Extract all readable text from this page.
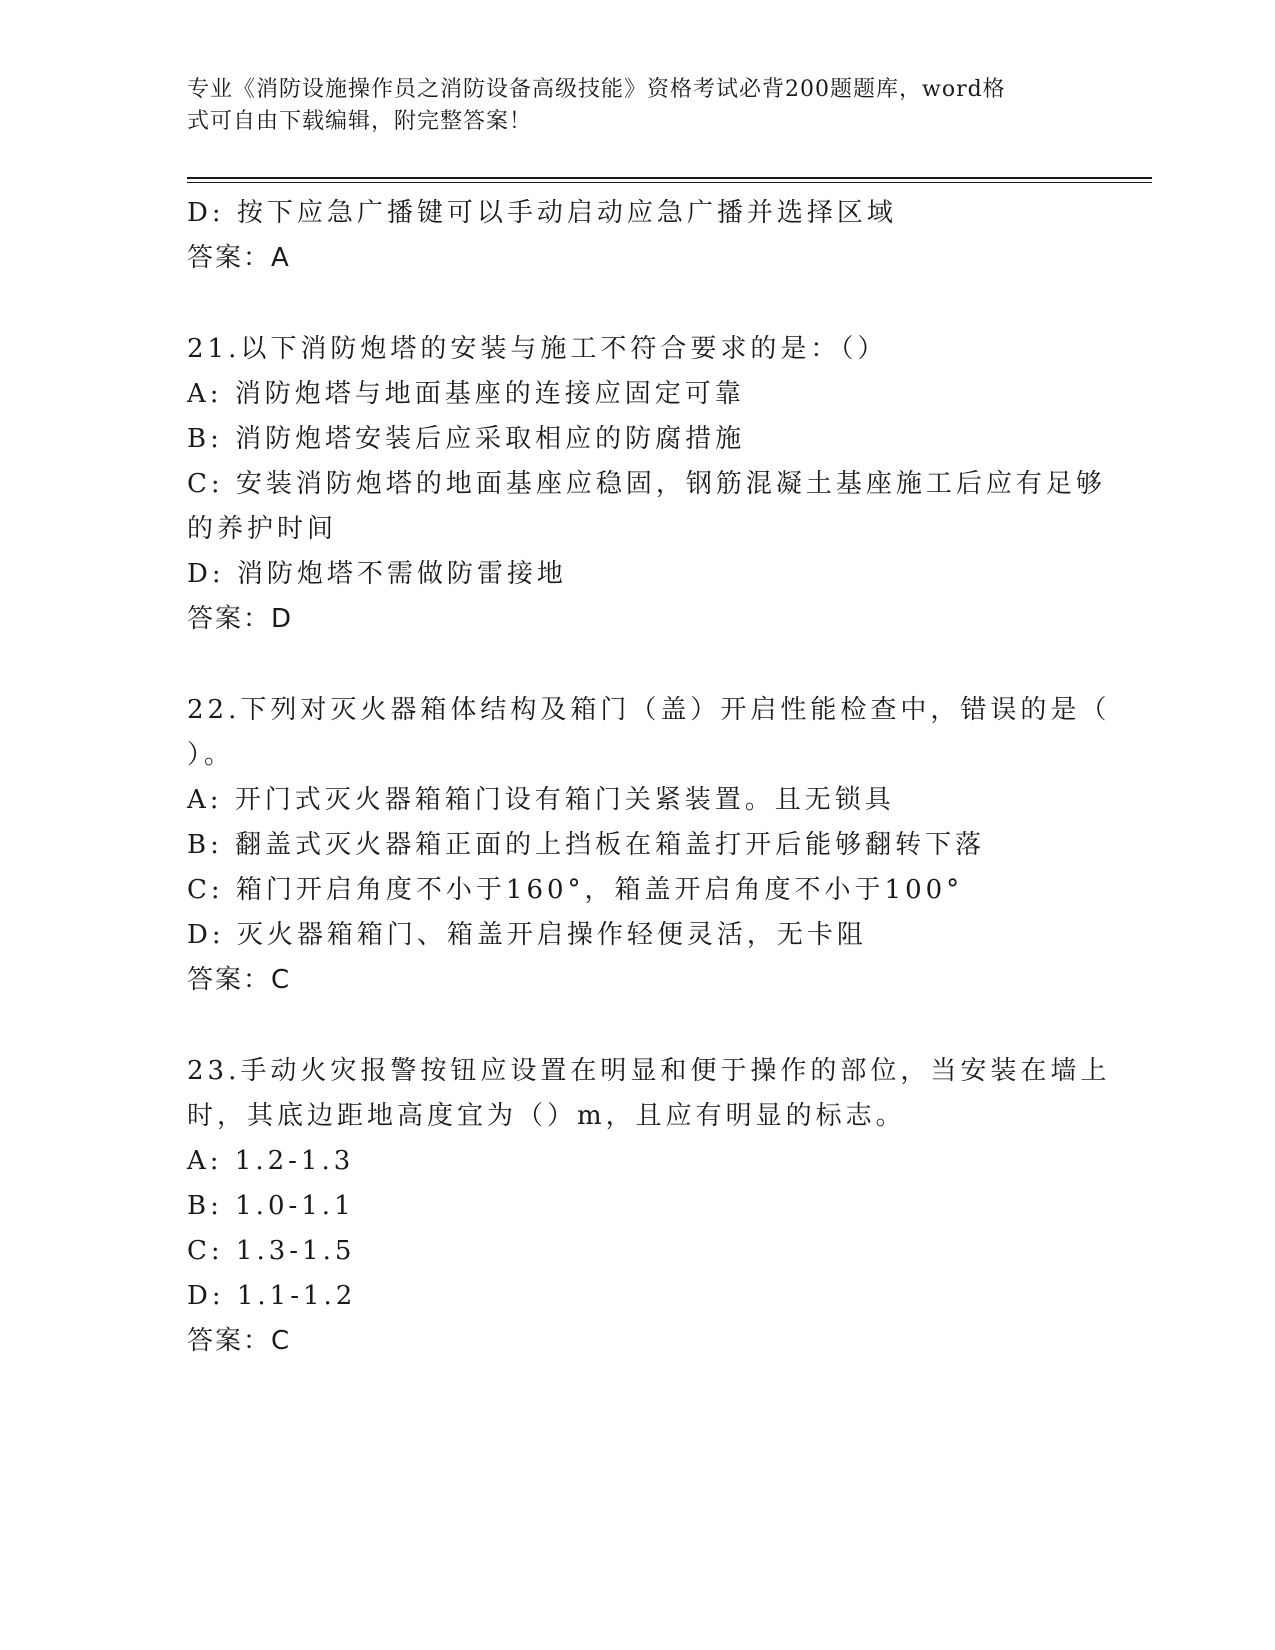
专业《消防设施操作员之消防设备高级技能》资格考试必背200题题库，word格
式可自由下载编辑，附完整答案！
D: 按下应急广播键可以手动启动应急广播并选择区域
答案：A
21.以下消防炮塔的安装与施工不符合要求的是：（）
A: 消防炮塔与地面基座的连接应固定可靠
B: 消防炮塔安装后应采取相应的防腐措施
C: 安装消防炮塔的地面基座应稳固，钢筋混凝土基座施工后应有足够
的养护时间
D: 消防炮塔不需做防雷接地
答案：D
22.下列对灭火器箱体结构及箱门（盖）开启性能检查中，错误的是（
）。
A: 开门式灭火器箱箱门设有箱门关紧装置。且无锁具
B: 翻盖式灭火器箱正面的上挡板在箱盖打开后能够翻转下落
C: 箱门开启角度不小于160°，箱盖开启角度不小于100°
D: 灭火器箱箱门、箱盖开启操作轻便灵活，无卡阻
答案：C
23.手动火灾报警按钮应设置在明显和便于操作的部位，当安装在墙上
时，其底边距地高度宜为（）m，且应有明显的标志。
A: 1.2-1.3
B: 1.0-1.1
C: 1.3-1.5
D: 1.1-1.2
答案：C
